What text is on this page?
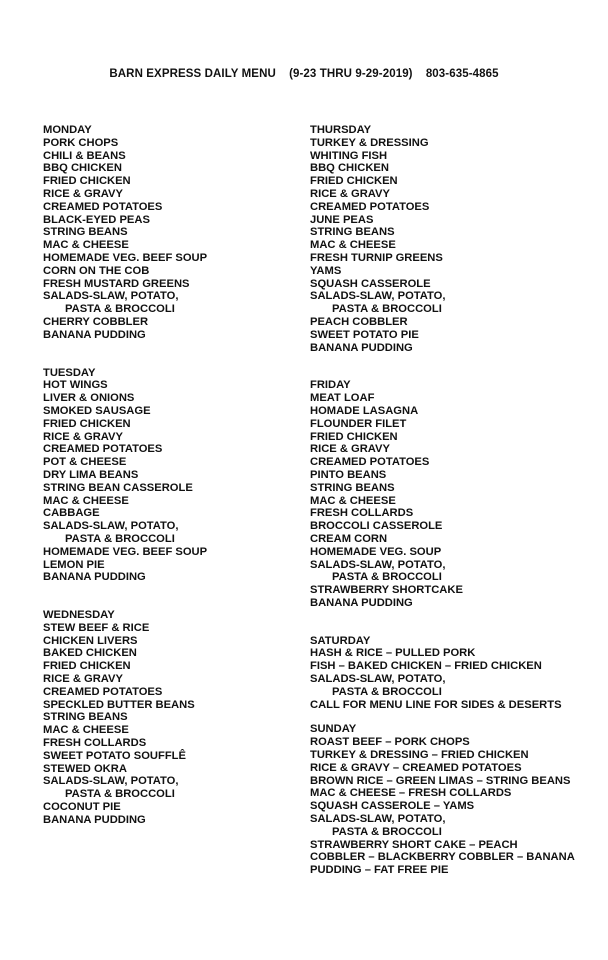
BARN EXPRESS DAILY MENU (9-23 THRU 9-29-2019) 803-635-4865
MONDAY
PORK CHOPS
CHILI & BEANS
BBQ CHICKEN
FRIED CHICKEN
RICE & GRAVY
CREAMED POTATOES
BLACK-EYED PEAS
STRING BEANS
MAC & CHEESE
HOMEMADE VEG. BEEF SOUP
CORN ON THE COB
FRESH MUSTARD GREENS
SALADS-SLAW, POTATO,
PASTA & BROCCOLI
CHERRY COBBLER
BANANA PUDDING
TUESDAY
HOT WINGS
LIVER & ONIONS
SMOKED SAUSAGE
FRIED CHICKEN
RICE & GRAVY
CREAMED POTATOES
POT & CHEESE
DRY LIMA BEANS
STRING BEAN CASSEROLE
MAC & CHEESE
CABBAGE
SALADS-SLAW, POTATO,
PASTA & BROCCOLI
HOMEMADE VEG. BEEF SOUP
LEMON PIE
BANANA PUDDING
WEDNESDAY
STEW BEEF & RICE
CHICKEN LIVERS
BAKED CHICKEN
FRIED CHICKEN
RICE & GRAVY
CREAMED POTATOES
SPECKLED BUTTER BEANS
STRING BEANS
MAC & CHEESE
FRESH COLLARDS
SWEET POTATO SOUFFLÊ
STEWED OKRA
SALADS-SLAW, POTATO,
PASTA & BROCCOLI
COCONUT PIE
BANANA PUDDING
THURSDAY
TURKEY & DRESSING
WHITING FISH
BBQ CHICKEN
FRIED CHICKEN
RICE & GRAVY
CREAMED POTATOES
JUNE PEAS
STRING BEANS
MAC & CHEESE
FRESH TURNIP GREENS
YAMS
SQUASH CASSEROLE
SALADS-SLAW, POTATO,
PASTA & BROCCOLI
PEACH COBBLER
SWEET POTATO PIE
BANANA PUDDING
FRIDAY
MEAT LOAF
HOMADE LASAGNA
FLOUNDER FILET
FRIED CHICKEN
RICE & GRAVY
CREAMED POTATOES
PINTO BEANS
STRING BEANS
MAC & CHEESE
FRESH COLLARDS
BROCCOLI CASSEROLE
CREAM CORN
HOMEMADE VEG. SOUP
SALADS-SLAW, POTATO,
PASTA & BROCCOLI
STRAWBERRY SHORTCAKE
BANANA PUDDING
SATURDAY
HASH & RICE – PULLED PORK
FISH – BAKED CHICKEN – FRIED CHICKEN
SALADS-SLAW, POTATO,
PASTA & BROCCOLI
CALL FOR MENU LINE FOR SIDES & DESERTS
SUNDAY
ROAST BEEF – PORK CHOPS
TURKEY & DRESSING – FRIED CHICKEN
RICE & GRAVY – CREAMED POTATOES
BROWN RICE – GREEN LIMAS – STRING BEANS
MAC & CHEESE – FRESH COLLARDS
SQUASH CASSEROLE – YAMS
SALADS-SLAW, POTATO,
PASTA & BROCCOLI
STRAWBERRY SHORT CAKE – PEACH
COBBLER – BLACKBERRY COBBLER – BANANA
PUDDING – FAT FREE PIE
